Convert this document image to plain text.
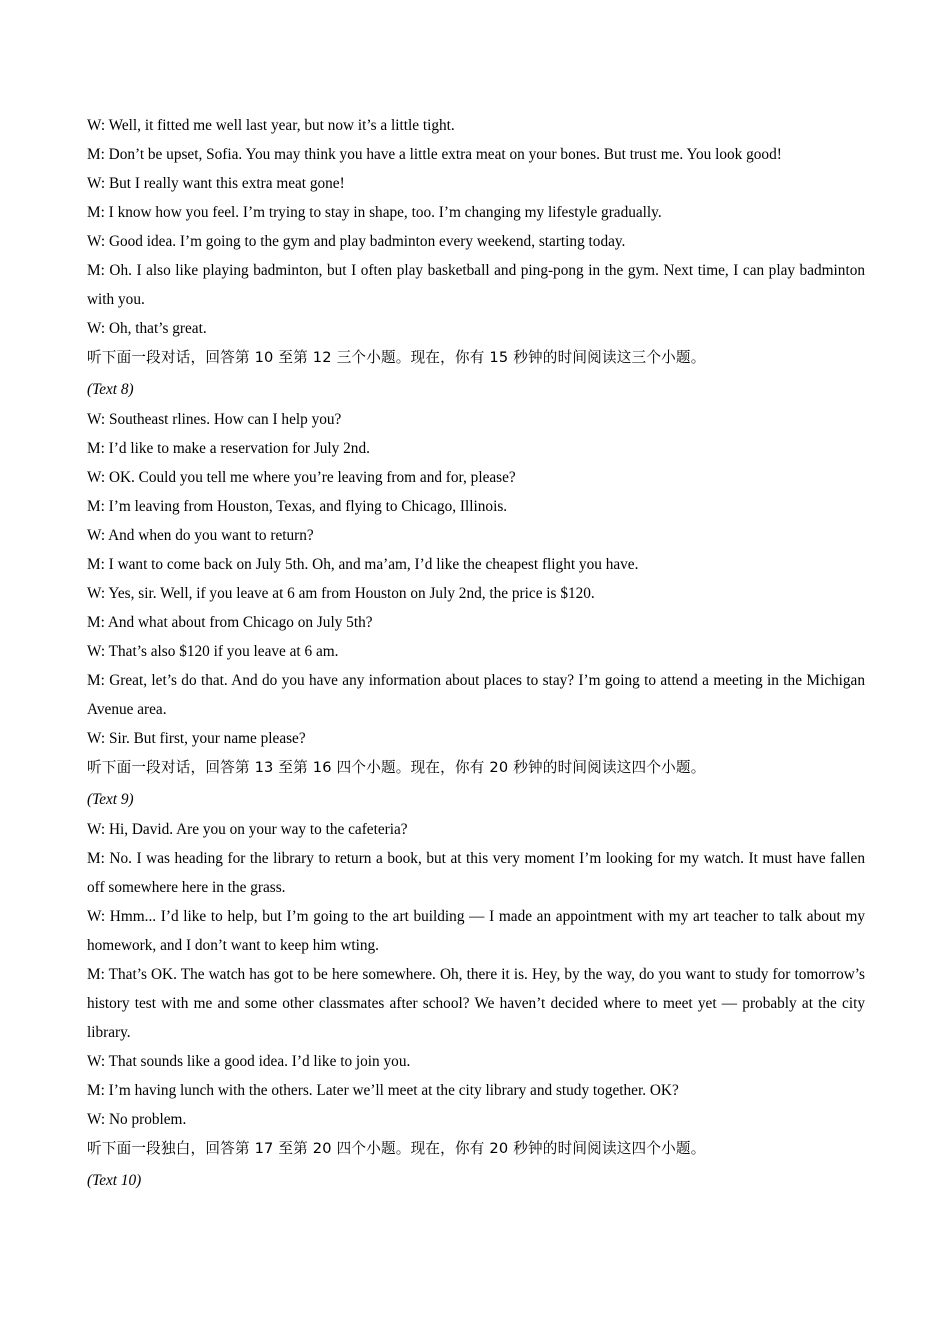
W: Well, it fitted me well last year, but now it’s a little tight.
M: Don’t be upset, Sofia. You may think you have a little extra meat on your bones. But trust me. You look good!
W: But I really want this extra meat gone!
M: I know how you feel. I’m trying to stay in shape, too. I’m changing my lifestyle gradually.
W: Good idea. I’m going to the gym and play badminton every weekend, starting today.
M: Oh. I also like playing badminton, but I often play basketball and ping-pong in the gym. Next time, I can play badminton with you.
W: Oh, that’s great.
听下面一段对话，回答第 10 至第 12 三个小题。现在，你有 15 秒钟的时间阅读这三个小题。
(Text 8)
W: Southeast rlines. How can I help you?
M: I’d like to make a reservation for July 2nd.
W: OK. Could you tell me where you’re leaving from and for, please?
M: I’m leaving from Houston, Texas, and flying to Chicago, Illinois.
W: And when do you want to return?
M: I want to come back on July 5th. Oh, and ma’am, I’d like the cheapest flight you have.
W: Yes, sir. Well, if you leave at 6 am from Houston on July 2nd, the price is $120.
M: And what about from Chicago on July 5th?
W: That’s also $120 if you leave at 6 am.
M: Great, let’s do that. And do you have any information about places to stay? I’m going to attend a meeting in the Michigan Avenue area.
W: Sir. But first, your name please?
听下面一段对话，回答第 13 至第 16 四个小题。现在，你有 20 秒钟的时间阅读这四个小题。
(Text 9)
W: Hi, David. Are you on your way to the cafeteria?
M: No. I was heading for the library to return a book, but at this very moment I’m looking for my watch. It must have fallen off somewhere here in the grass.
W: Hmm... I’d like to help, but I’m going to the art building — I made an appointment with my art teacher to talk about my homework, and I don’t want to keep him wting.
M: That’s OK. The watch has got to be here somewhere. Oh, there it is. Hey, by the way, do you want to study for tomorrow’s history test with me and some other classmates after school? We haven’t decided where to meet yet — probably at the city library.
W: That sounds like a good idea. I’d like to join you.
M: I’m having lunch with the others. Later we’ll meet at the city library and study together. OK?
W: No problem.
听下面一段独白，回答第 17 至第 20 四个小题。现在，你有 20 秒钟的时间阅读这四个小题。
(Text 10)
